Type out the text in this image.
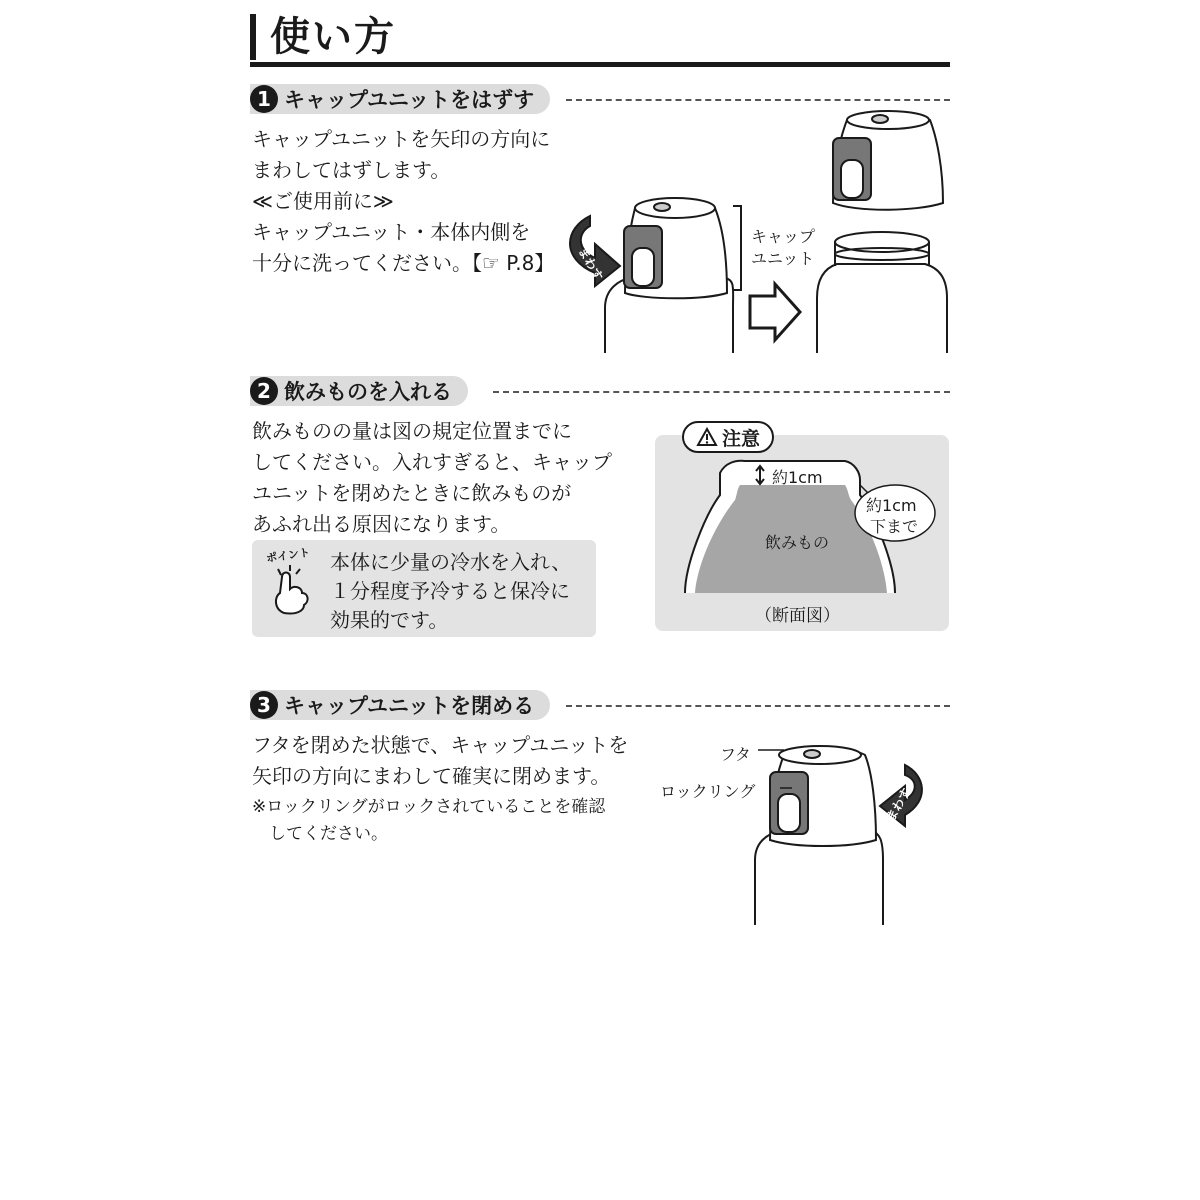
使い方
1 キャップユニットをはずす
キャップユニットを矢印の方向に
まわしてはずします。
≪ご使用前に≫
キャップユニット・本体内側を
十分に洗ってください。【☞ P.8】 まわす
キャップ
ユニット
2 飲みものを入れる
飲みものの量は図の規定位置までに
してください。入れすぎると、キャップ
ユニットを閉めたときに飲みものが
あふれ出る原因になります。
ポイント 本体に少量の冷水を入れ、
１分程度予冷すると保冷に
効果的です。
注意
約1cm
約1cm
下まで
飲みもの
（断面図）
3 キャップユニットを閉める
フタを閉めた状態で、キャップユニットを
矢印の方向にまわして確実に閉めます。
※ロックリングがロックされていることを確認
　してください。
フタ
ロックリング	まわす
